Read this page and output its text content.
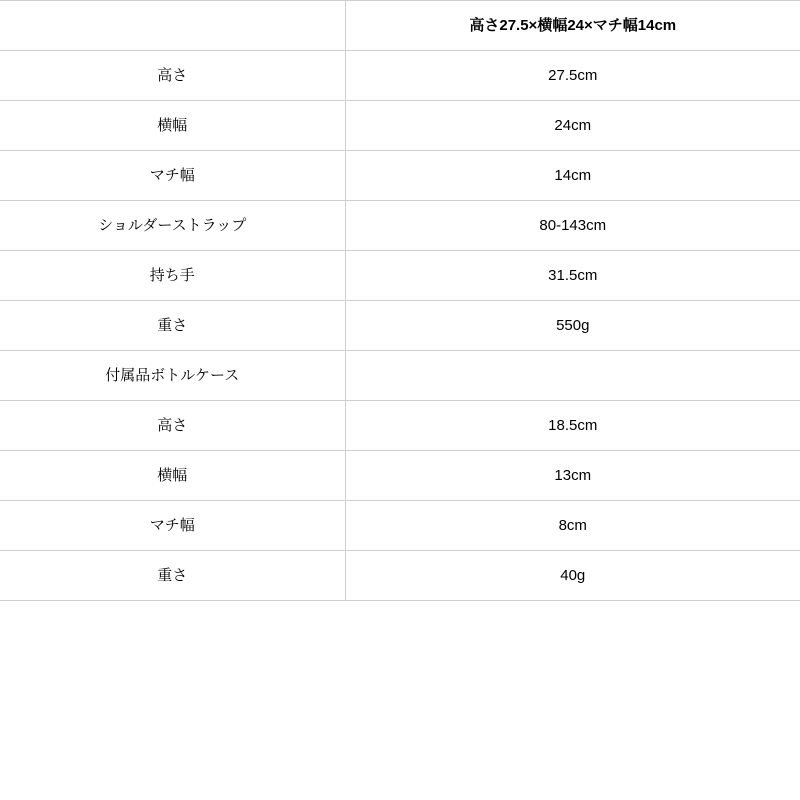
	高さ27.5×横幅24×マチ幅14cm
高さ	27.5cm
横幅	24cm
マチ幅	14cm
ショルダーストラップ	80-143cm
持ち手	31.5cm
重さ	550g
付属品ボトルケース	
高さ	18.5cm
横幅	13cm
マチ幅	8cm
重さ	40g
